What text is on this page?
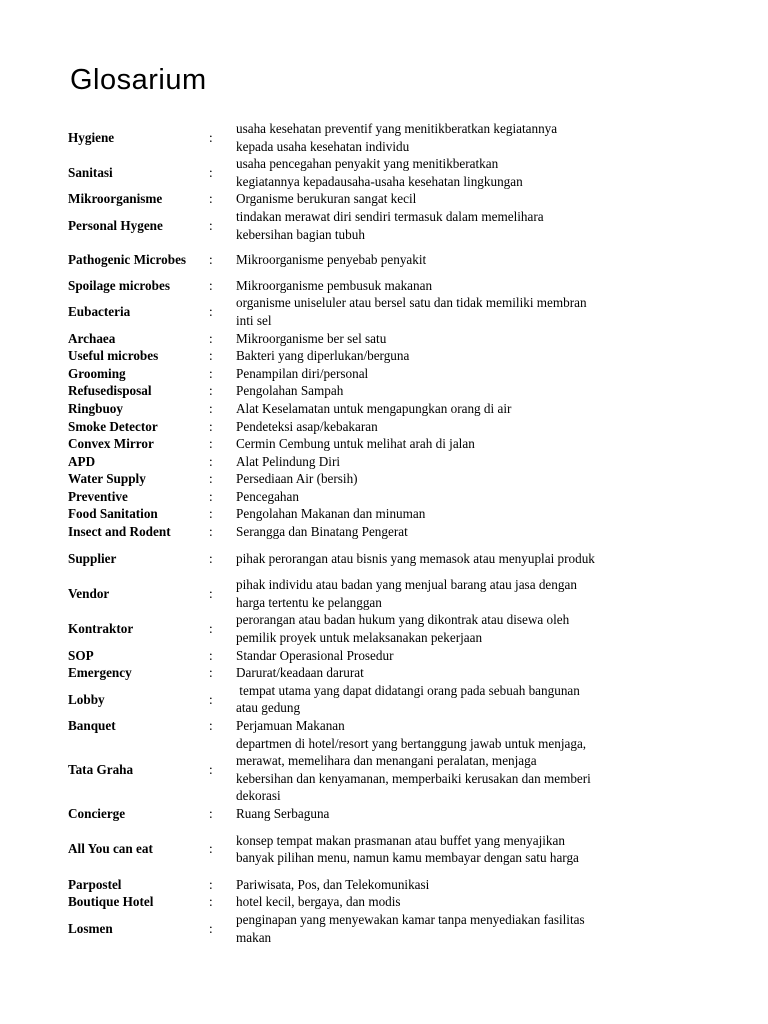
Glosarium
Hygiene	:
usaha kesehatan preventif yang menitikberatkan kegiatannya
kepada usaha kesehatan individu
Sanitasi	:
usaha pencegahan penyakit yang menitikberatkan
kegiatannya kepadausaha-usaha kesehatan lingkungan
Mikroorganisme	:	Organisme berukuran sangat kecil
Personal Hygene	:
tindakan merawat diri sendiri termasuk dalam memelihara
kebersihan bagian tubuh
Pathogenic Microbes	:	Mikroorganisme penyebab penyakit
Spoilage microbes	:	Mikroorganisme pembusuk makanan
Eubacteria	:
organisme uniseluler atau bersel satu dan tidak memiliki membran
inti sel
Archaea	:	Mikroorganisme ber sel satu
Useful microbes	:	Bakteri yang diperlukan/berguna
Grooming	:	Penampilan diri/personal
Refusedisposal	:	Pengolahan Sampah
Ringbuoy	:	Alat Keselamatan untuk mengapungkan orang di air
Smoke Detector	:	Pendeteksi asap/kebakaran
Convex Mirror	:	Cermin Cembung untuk melihat arah di jalan
APD	:	Alat Pelindung Diri
Water Supply	:	Persediaan Air (bersih)
Preventive	:	Pencegahan
Food Sanitation	:	Pengolahan Makanan dan minuman
Insect and Rodent	:	Serangga dan Binatang Pengerat
Supplier	:	pihak perorangan atau bisnis yang memasok atau menyuplai produk
Vendor	:
pihak individu atau badan yang menjual barang atau jasa dengan
harga tertentu ke pelanggan
Kontraktor	:
perorangan atau badan hukum yang dikontrak atau disewa oleh
pemilik proyek untuk melaksanakan pekerjaan
SOP	:	Standar Operasional Prosedur
Emergency	:	Darurat/keadaan darurat
Lobby	:
tempat utama yang dapat didatangi orang pada sebuah bangunan
atau gedung
Banquet	:	Perjamuan Makanan
Tata Graha	:
departmen di hotel/resort yang bertanggung jawab untuk menjaga,
merawat, memelihara dan menangani peralatan, menjaga
kebersihan dan kenyamanan, memperbaiki kerusakan dan memberi
dekorasi
Concierge	:	Ruang Serbaguna
All You can eat	:
konsep tempat makan prasmanan atau buffet yang menyajikan
banyak pilihan menu, namun kamu membayar dengan satu harga
Parpostel	:	Pariwisata, Pos, dan Telekomunikasi
Boutique Hotel	:	hotel kecil, bergaya, dan modis
Losmen	:
penginapan yang menyewakan kamar tanpa menyediakan fasilitas
makan
